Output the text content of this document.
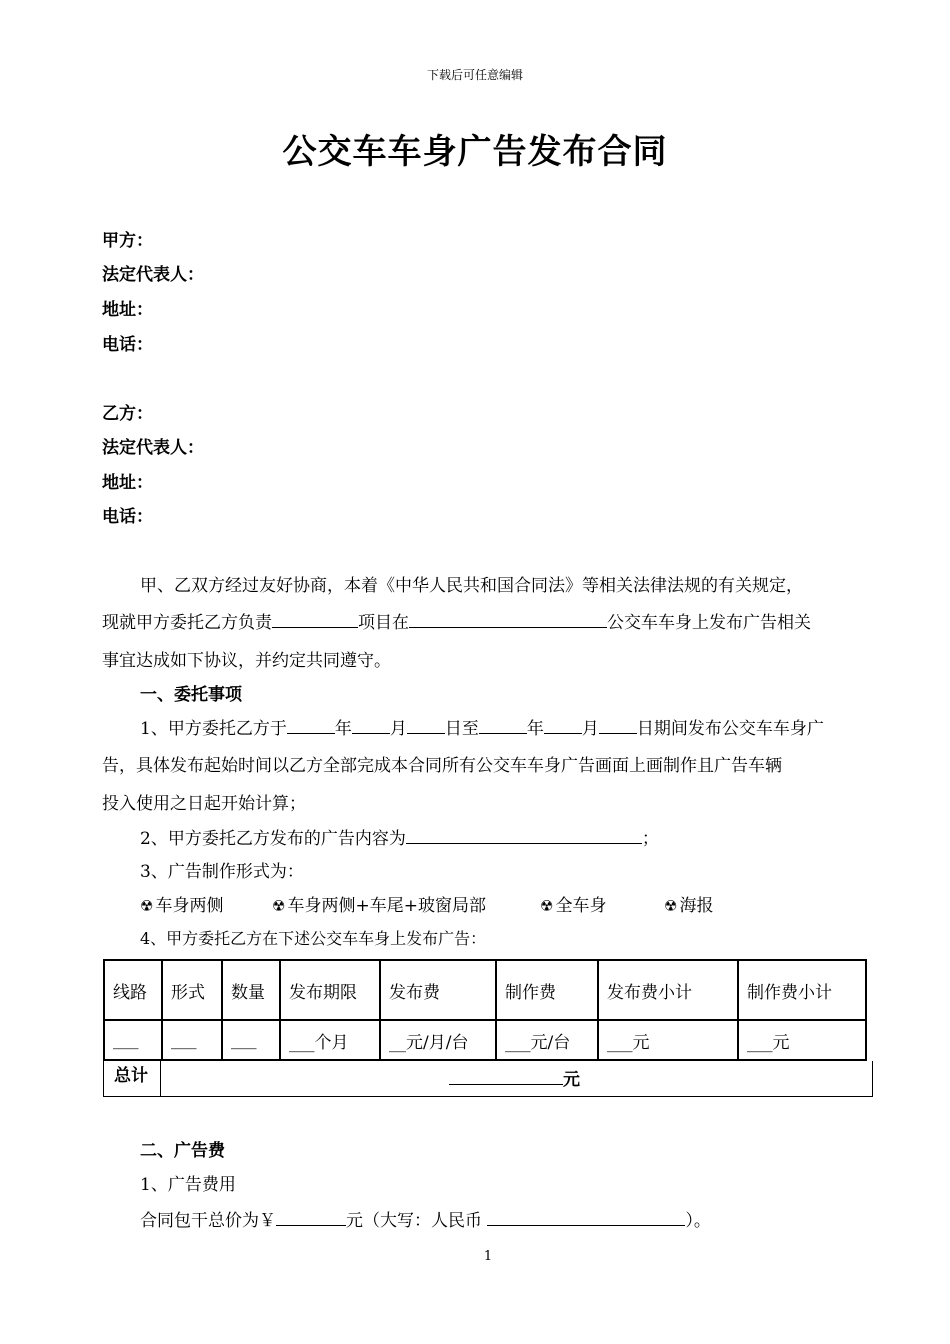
下载后可任意编辑
公交车车身广告发布合同
甲方：
法定代表人：
地址：
电话：
乙方：
法定代表人：
地址：
电话：
甲、乙双方经过友好协商，本着《中华人民共和国合同法》等相关法律法规的有关规定，
现就甲方委托乙方负责	项目在	公交车车身上发布广告相关
事宜达成如下协议，并约定共同遵守。
一、委托事项
1、甲方委托乙方于	年 月 日至	年 月 日期间发布公交车车身广
告，具体发布起始时间以乙方全部完成本合同所有公交车车身广告画面上画制作且广告车辆
投入使用之日起开始计算；
2、甲方委托乙方发布的广告内容为	；
3、广告制作形式为：
☢ 车身两侧	☢ 车身两侧+车尾+玻窗局部	☢ 全车身	☢ 海报
4、甲方委托乙方在下述公交车车身上发布广告：
线路	形式	数量	发布期限	发布费	制作费	发布费小计	制作费小计
___	___	___	___个月	__元/月/台	___元/台	___元	___元
总计	元
二、广告费
1、广告费用
合同包干总价为￥	元（大写：人民币	）。
1
